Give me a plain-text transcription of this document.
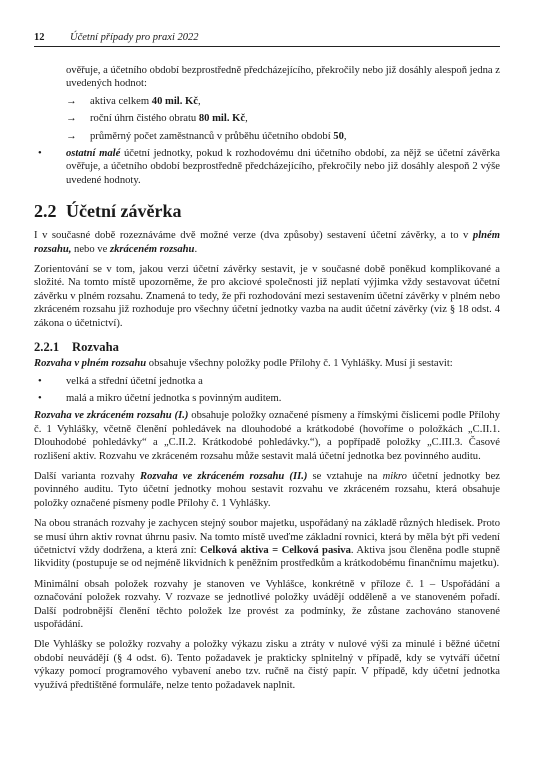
12 Účetní případy pro praxi 2022

ověřuje, a účetního období bezprostředně předcházejícího, překročily nebo již dosáhly alespoň jedna z uvedených hodnot:

→ aktiva celkem 40 mil. Kč,

→ roční úhrn čistého obratu 80 mil. Kč,

→ průměrný počet zaměstnanců v průběhu účetního období 50,

• ostatní malé účetní jednotky, pokud k rozhodovému dni účetního období, za nějž se účetní závěrka ověřuje, a účetního období bezprostředně předcházejícího, překročily nebo již dosáhly alespoň 2 výše uvedené hodnoty.

2.2 Účetní závěrka

I v současné době rozeznáváme dvě možné verze (dva způsoby) sestavení účetní závěrky, a to v plném rozsahu, nebo ve zkráceném rozsahu.

Zorientování se v tom, jakou verzi účetní závěrky sestavit, je v současné době poněkud komplikované a složité. Na tomto místě upozorněme, že pro akciové společnosti již neplatí výjimka vždy sestavovat účetní závěrku v plném rozsahu. Znamená to tedy, že při rozhodování mezi sestavením účetní závěrky v plném nebo zkráceném rozsahu již rozhoduje pro všechny účetní jednotky vazba na audit účetní závěrky (viz § 18 odst. 4 zákona o účetnictví).

2.2.1 Rozvaha

Rozvaha v plném rozsahu obsahuje všechny položky podle Přílohy č. 1 Vyhlášky. Musí ji sestavit:

• velká a střední účetní jednotka a

• malá a mikro účetní jednotka s povinným auditem.

Rozvaha ve zkráceném rozsahu (I.) obsahuje položky označené písmeny a římskými číslicemi podle Přílohy č. 1 Vyhlášky, včetně členění pohledávek na dlouhodobé a krátkodobé (hovoříme o položkách „C.II.1. Dlouhodobé pohledávky“ a „C.II.2. Krátkodobé pohledávky.“), a popřípadě položky „C.III.3. Časové rozlišení aktiv. Rozvahu ve zkráceném rozsahu může sestavit malá účetní jednotka bez povinného auditu.

Další varianta rozvahy Rozvaha ve zkráceném rozsahu (II.) se vztahuje na mikro účetní jednotky bez povinného auditu. Tyto účetní jednotky mohou sestavit rozvahu ve zkráceném rozsahu, která obsahuje položky označené písmeny podle Přílohy č. 1 Vyhlášky.

Na obou stranách rozvahy je zachycen stejný soubor majetku, uspořádaný na základě různých hledisek. Proto se musí úhrn aktiv rovnat úhrnu pasiv. Na tomto místě uveďme základní rovnici, která by měla být při vedení účetnictví vždy dodržena, a která zní: Celková aktiva = Celková pasiva. Aktiva jsou členěna podle stupně likvidity (postupuje se od nejméně likvidních k peněžním prostředkům a krátkodobému finančnímu majetku).

Minimální obsah položek rozvahy je stanoven ve Vyhlášce, konkrétně v příloze č. 1 – Uspořádání a označování položek rozvahy. V rozvaze se jednotlivé položky uvádějí odděleně a ve stanoveném pořadí. Další podrobnější členění těchto položek lze provést za podmínky, že zůstane zachováno stanovené uspořádání.

Dle Vyhlášky se položky rozvahy a položky výkazu zisku a ztráty v nulové výši za minulé i běžné účetní období neuvádějí (§ 4 odst. 6). Tento požadavek je prakticky splnitelný v případě, kdy se vytváří účetní výkazy pomocí programového vybavení anebo tzv. ručně na čistý papír. V případě, kdy účetní jednotka využívá předtištěné formuláře, nelze tento požadavek naplnit.
